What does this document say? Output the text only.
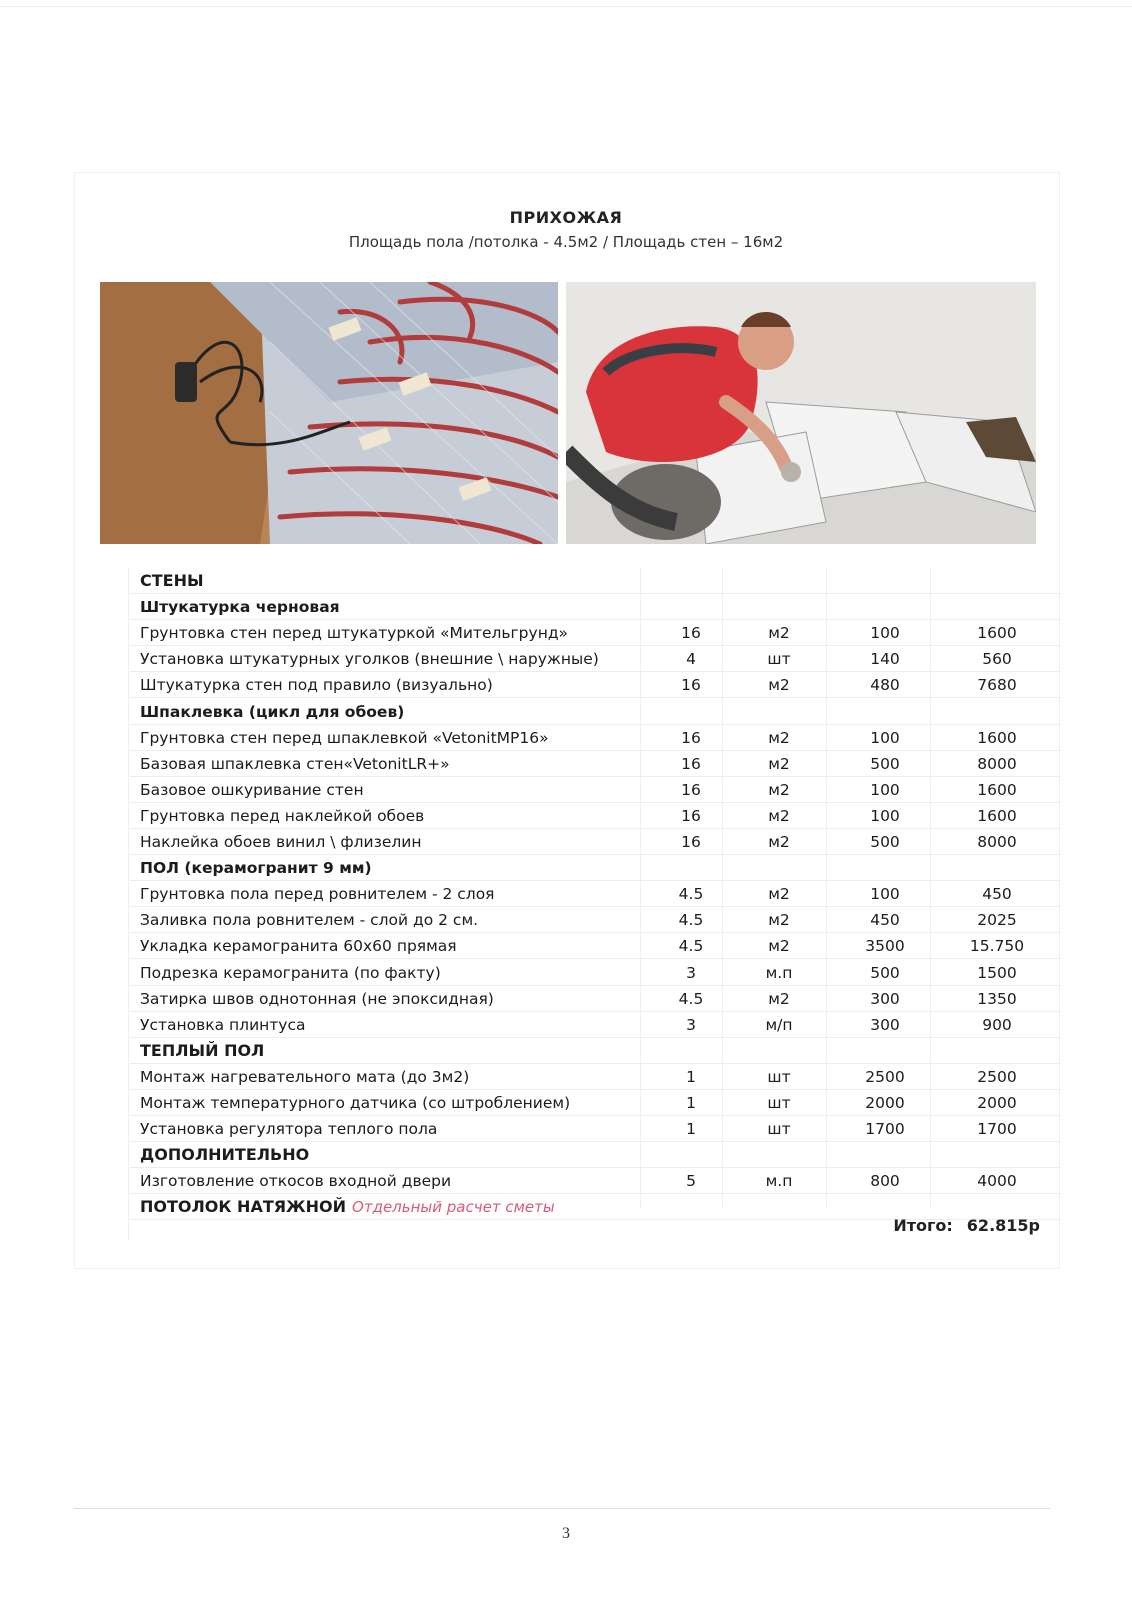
ПРИХОЖАЯ
Площадь пола /потолка - 4.5м2 / Площадь стен – 16м2
СТЕНЫ
Штукатурка черновая
Грунтовка стен перед штукатуркой «Мительгрунд»	16	м2	100	1600
Установка штукатурных уголков (внешние \ наружные)	4	шт	140	560
Штукатурка стен под правило (визуально)	16	м2	480	7680
Шпаклевка (цикл для обоев)
Грунтовка стен перед шпаклевкой «VetonitMP16»	16	м2	100	1600
Базовая шпаклевка стен«VetonitLR+»	16	м2	500	8000
Базовое ошкуривание стен	16	м2	100	1600
Грунтовка перед наклейкой обоев	16	м2	100	1600
Наклейка обоев винил \ флизелин	16	м2	500	8000
ПОЛ (керамогранит 9 мм)
Грунтовка пола перед ровнителем - 2 слоя	4.5	м2	100	450
Заливка пола ровнителем - слой до 2 см.	4.5	м2	450	2025
Укладка керамогранита 60х60 прямая	4.5	м2	3500	15.750
Подрезка керамогранита (по факту)	3	м.п	500	1500
Затирка швов однотонная (не эпоксидная)	4.5	м2	300	1350
Установка плинтуса	3	м/п	300	900
ТЕПЛЫЙ ПОЛ
Монтаж нагревательного мата (до 3м2)	1	шт	2500	2500
Монтаж температурного датчика (со штроблением)	1	шт	2000	2000
Установка регулятора теплого пола	1	шт	1700	1700
ДОПОЛНИТЕЛЬНО
Изготовление откосов входной двери	5	м.п	800	4000
ПОТОЛОК НАТЯЖНОЙ Отдельный расчет сметы
Итого: 62.815р
3
